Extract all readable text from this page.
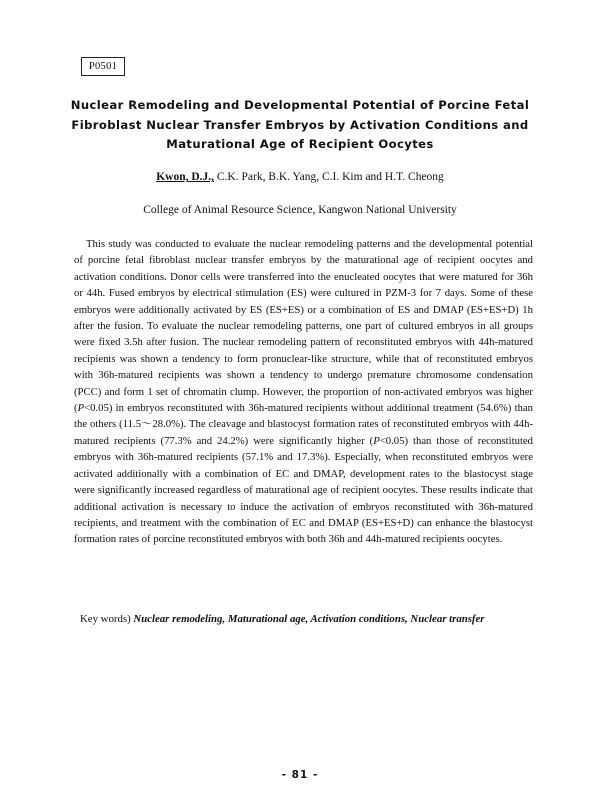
P0501
Nuclear Remodeling and Developmental Potential of Porcine Fetal
Fibroblast Nuclear Transfer Embryos by Activation Conditions and
Maturational Age of Recipient Oocytes
Kwon, D.J., C.K. Park, B.K. Yang, C.I. Kim and H.T. Cheong
College of Animal Resource Science, Kangwon National University

This study was conducted to evaluate the nuclear remodeling patterns and the developmental potential of porcine fetal fibroblast nuclear transfer embryos by the maturational age of recipient oocytes and activation conditions. Donor cells were transferred into the enucleated oocytes that were matured for 36h or 44h. Fused embryos by electrical stimulation (ES) were cultured in PZM-3 for 7 days. Some of these embryos were additionally activated by ES (ES+ES) or a combination of ES and DMAP (ES+ES+D) 1h after the fusion. To evaluate the nuclear remodeling patterns, one part of cultured embryos in all groups were fixed 3.5h after fusion. The nuclear remodeling pattern of reconstituted embryos with 44h-matured recipients was shown a tendency to form pronuclear-like structure, while that of reconstituted embryos with 36h-matured recipients was shown a tendency to undergo premature chromosome condensation (PCC) and form 1 set of chromatin clump. However, the proportion of non-activated embryos was higher (P<0.05) in embryos reconstituted with 36h-matured recipients without additional treatment (54.6%) than the others (11.5～28.0%). The cleavage and blastocyst formation rates of reconstituted embryos with 44h-matured recipients (77.3% and 24.2%) were significantly higher (P<0.05) than those of reconstituted embryos with 36h-matured recipients (57.1% and 17.3%). Especially, when reconstituted embryos were activated additionally with a combination of EC and DMAP, development rates to the blastocyst stage were significantly increased regardless of maturational age of recipient oocytes. These results indicate that additional activation is necessary to induce the activation of embryos reconstituted with 36h-matured recipients, and treatment with the combination of EC and DMAP (ES+ES+D) can enhance the blastocyst formation rates of porcine reconstituted embryos with both 36h and 44h-matured recipients oocytes.

Key words) Nuclear remodeling, Maturational age, Activation conditions, Nuclear transfer
- 81 -
